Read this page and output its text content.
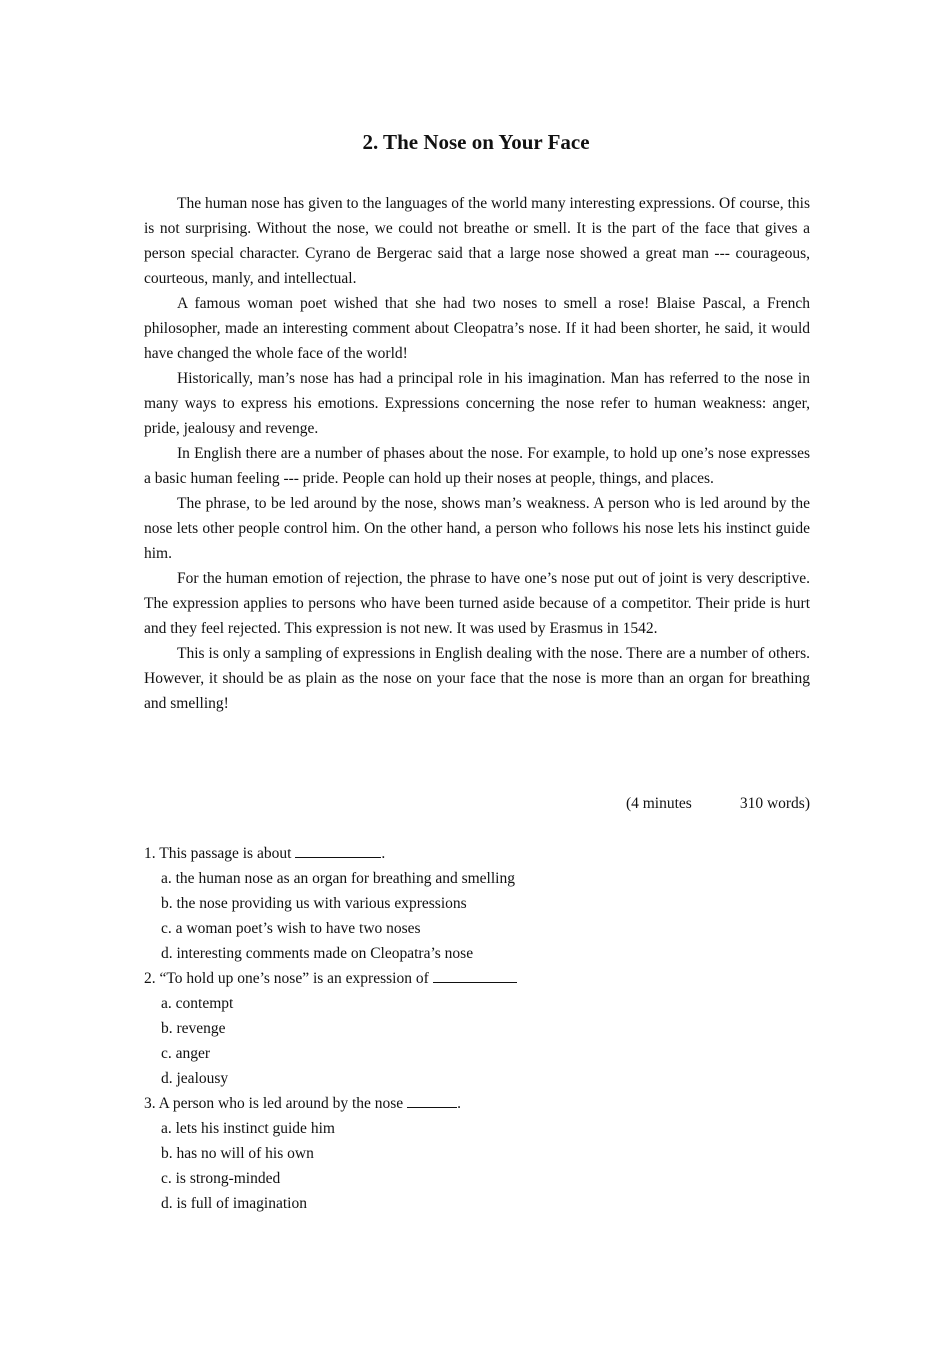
2. The Nose on Your Face

The human nose has given to the languages of the world many interesting expressions. Of course, this is not surprising. Without the nose, we could not breathe or smell. It is the part of the face that gives a person special character. Cyrano de Bergerac said that a large nose showed a great man --- courageous, courteous, manly, and intellectual.

A famous woman poet wished that she had two noses to smell a rose! Blaise Pascal, a French philosopher, made an interesting comment about Cleopatra’s nose. If it had been shorter, he said, it would have changed the whole face of the world!

Historically, man’s nose has had a principal role in his imagination. Man has referred to the nose in many ways to express his emotions. Expressions concerning the nose refer to human weakness: anger, pride, jealousy and revenge.

In English there are a number of phases about the nose. For example, to hold up one’s nose expresses a basic human feeling --- pride. People can hold up their noses at people, things, and places.

The phrase, to be led around by the nose, shows man’s weakness. A person who is led around by the nose lets other people control him. On the other hand, a person who follows his nose lets his instinct guide him.

For the human emotion of rejection, the phrase to have one’s nose put out of joint is very descriptive. The expression applies to persons who have been turned aside because of a competitor. Their pride is hurt and they feel rejected. This expression is not new. It was used by Erasmus in 1542.

This is only a sampling of expressions in English dealing with the nose. There are a number of others. However, it should be as plain as the nose on your face that the nose is more than an organ for breathing and smelling!

(4 minutes	310 words)
1. This passage is about	.
a. the human nose as an organ for breathing and smelling
b. the nose providing us with various expressions
c. a woman poet’s wish to have two noses
d. interesting comments made on Cleopatra’s nose
2. “To hold up one’s nose” is an expression of
a. contempt
b. revenge
c. anger
d. jealousy
3. A person who is led around by the nose	.
a. lets his instinct guide him
b. has no will of his own
c. is strong-minded
d. is full of imagination
